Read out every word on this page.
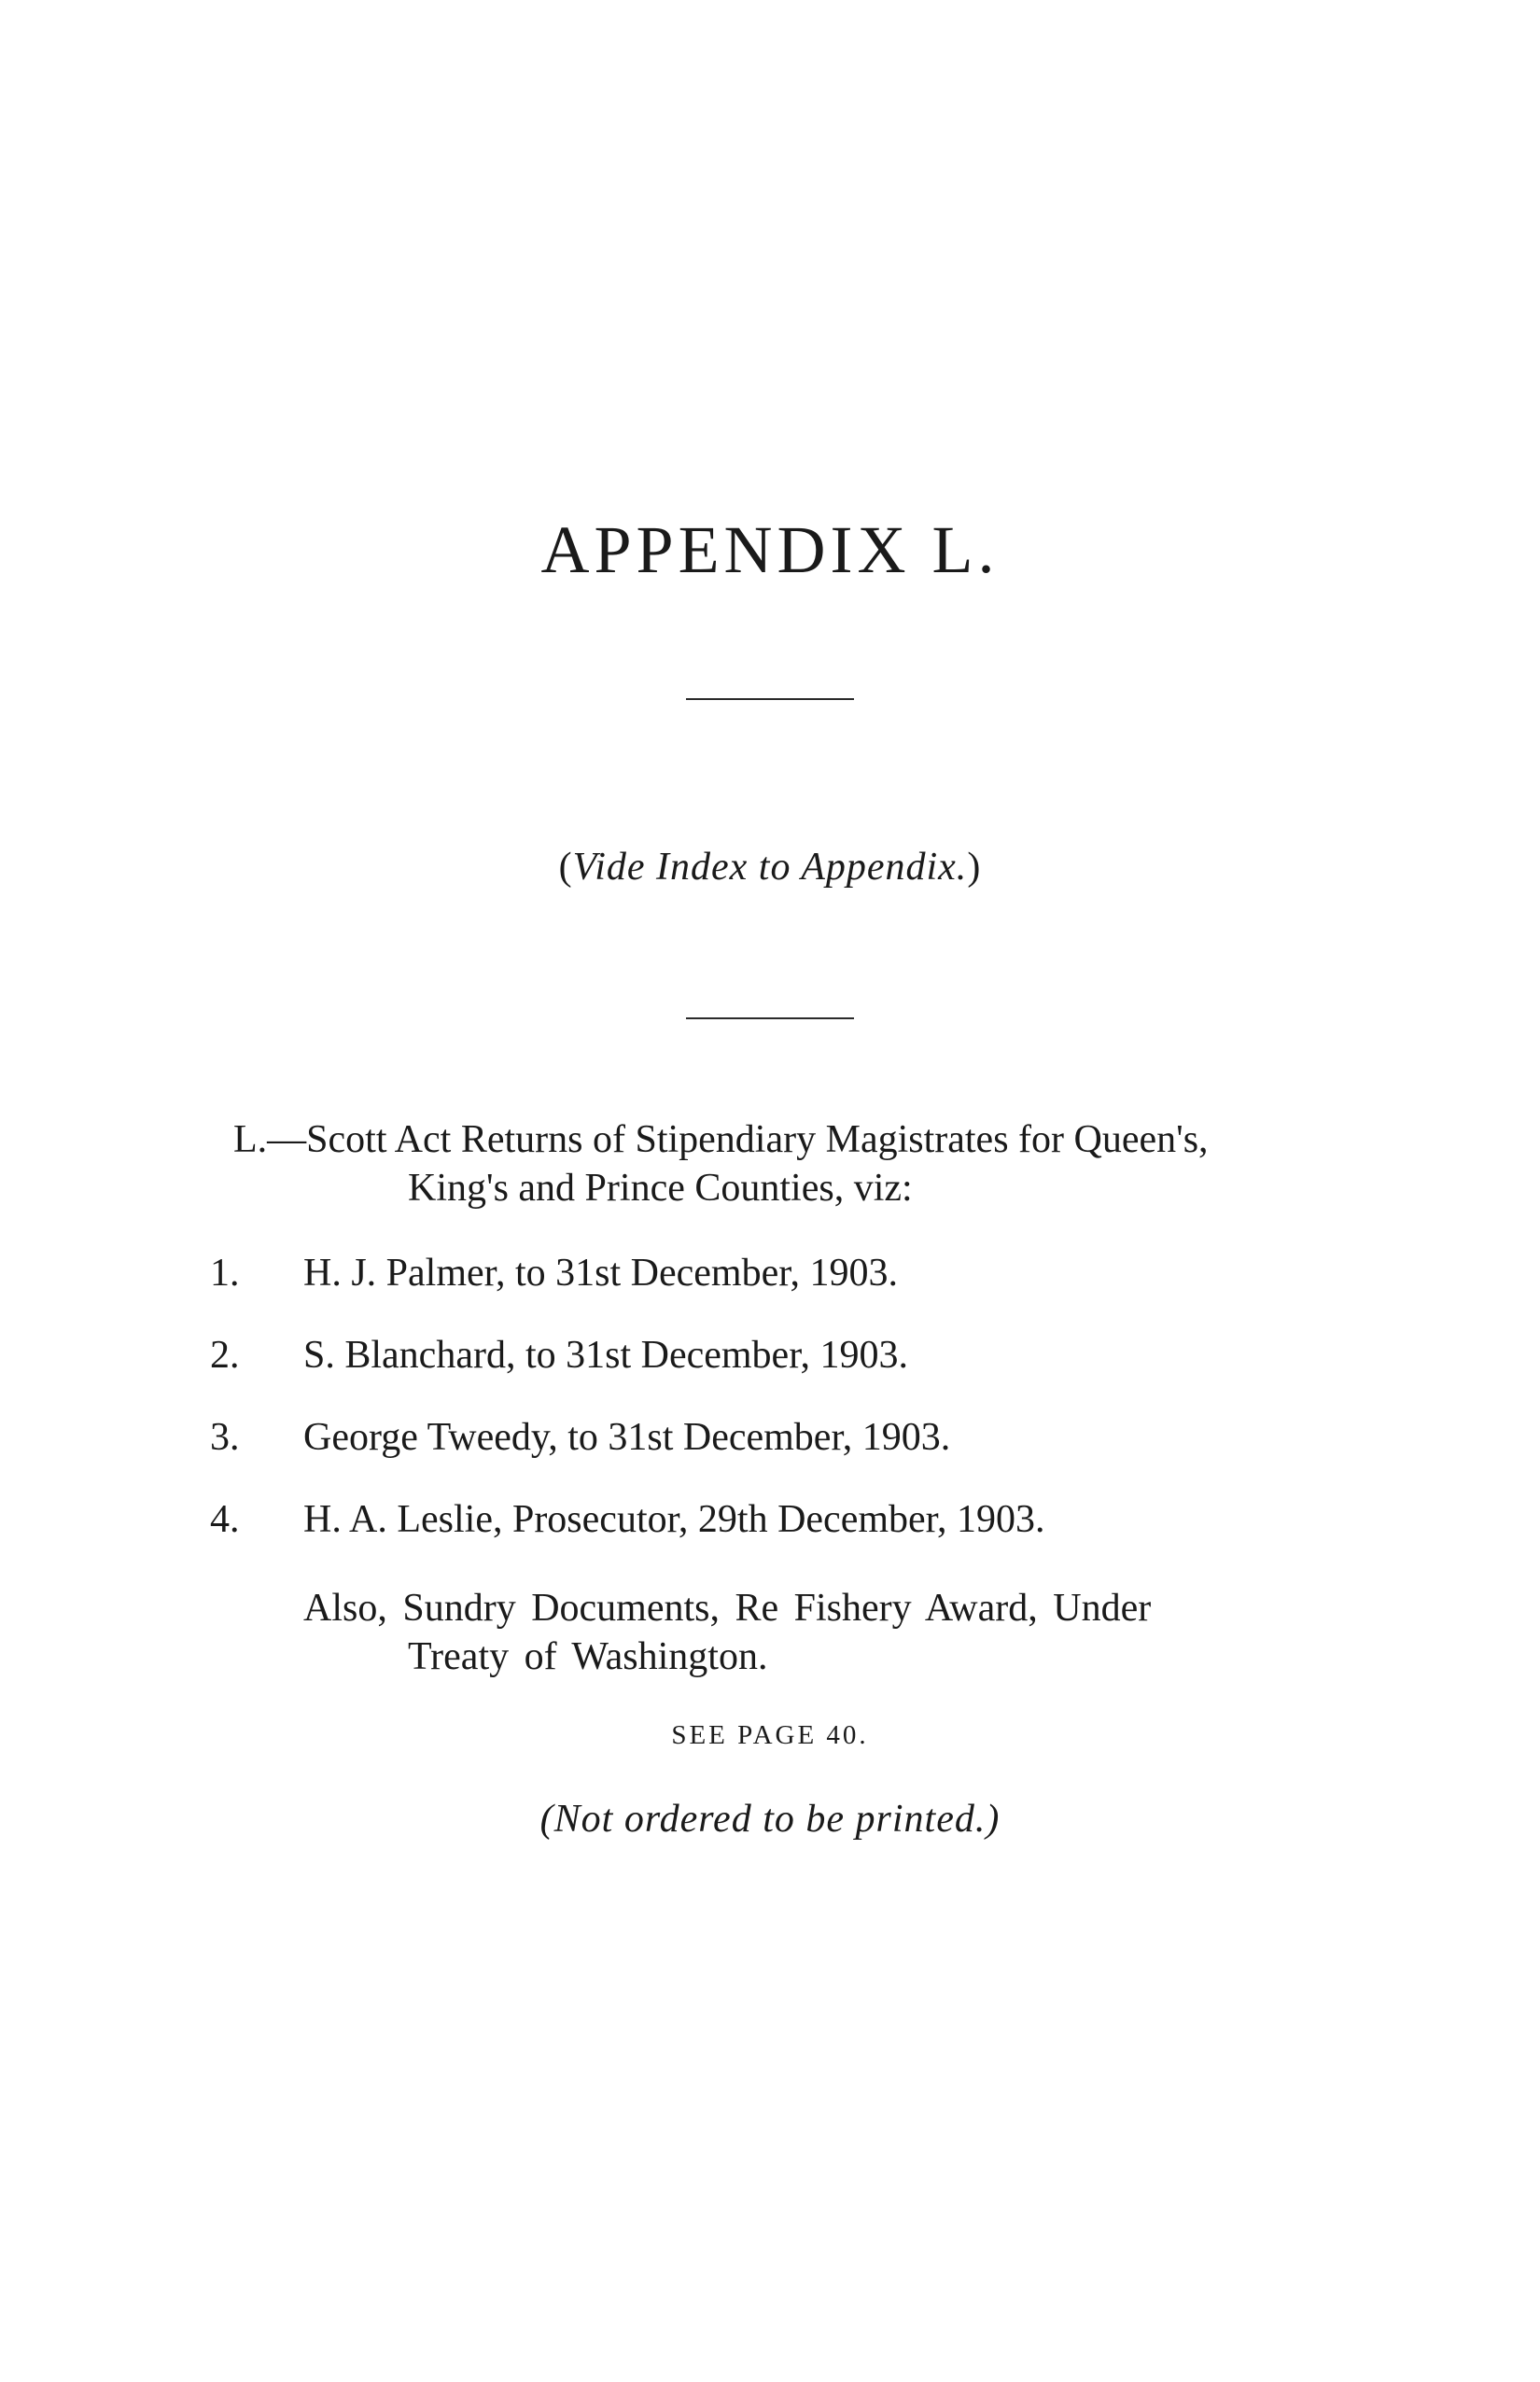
APPENDIX L.
(Vide Index to Appendix.)
L.—Scott Act Returns of Stipendiary Magistrates for Queen's,
King's and Prince Counties, viz:
1. H. J. Palmer, to 31st December, 1903.
2. S. Blanchard, to 31st December, 1903.
3. George Tweedy, to 31st December, 1903.
4. H. A. Leslie, Prosecutor, 29th December, 1903.
Also, Sundry Documents, Re Fishery Award, Under
Treaty of Washington.
SEE PAGE 40.
(Not ordered to be printed.)
